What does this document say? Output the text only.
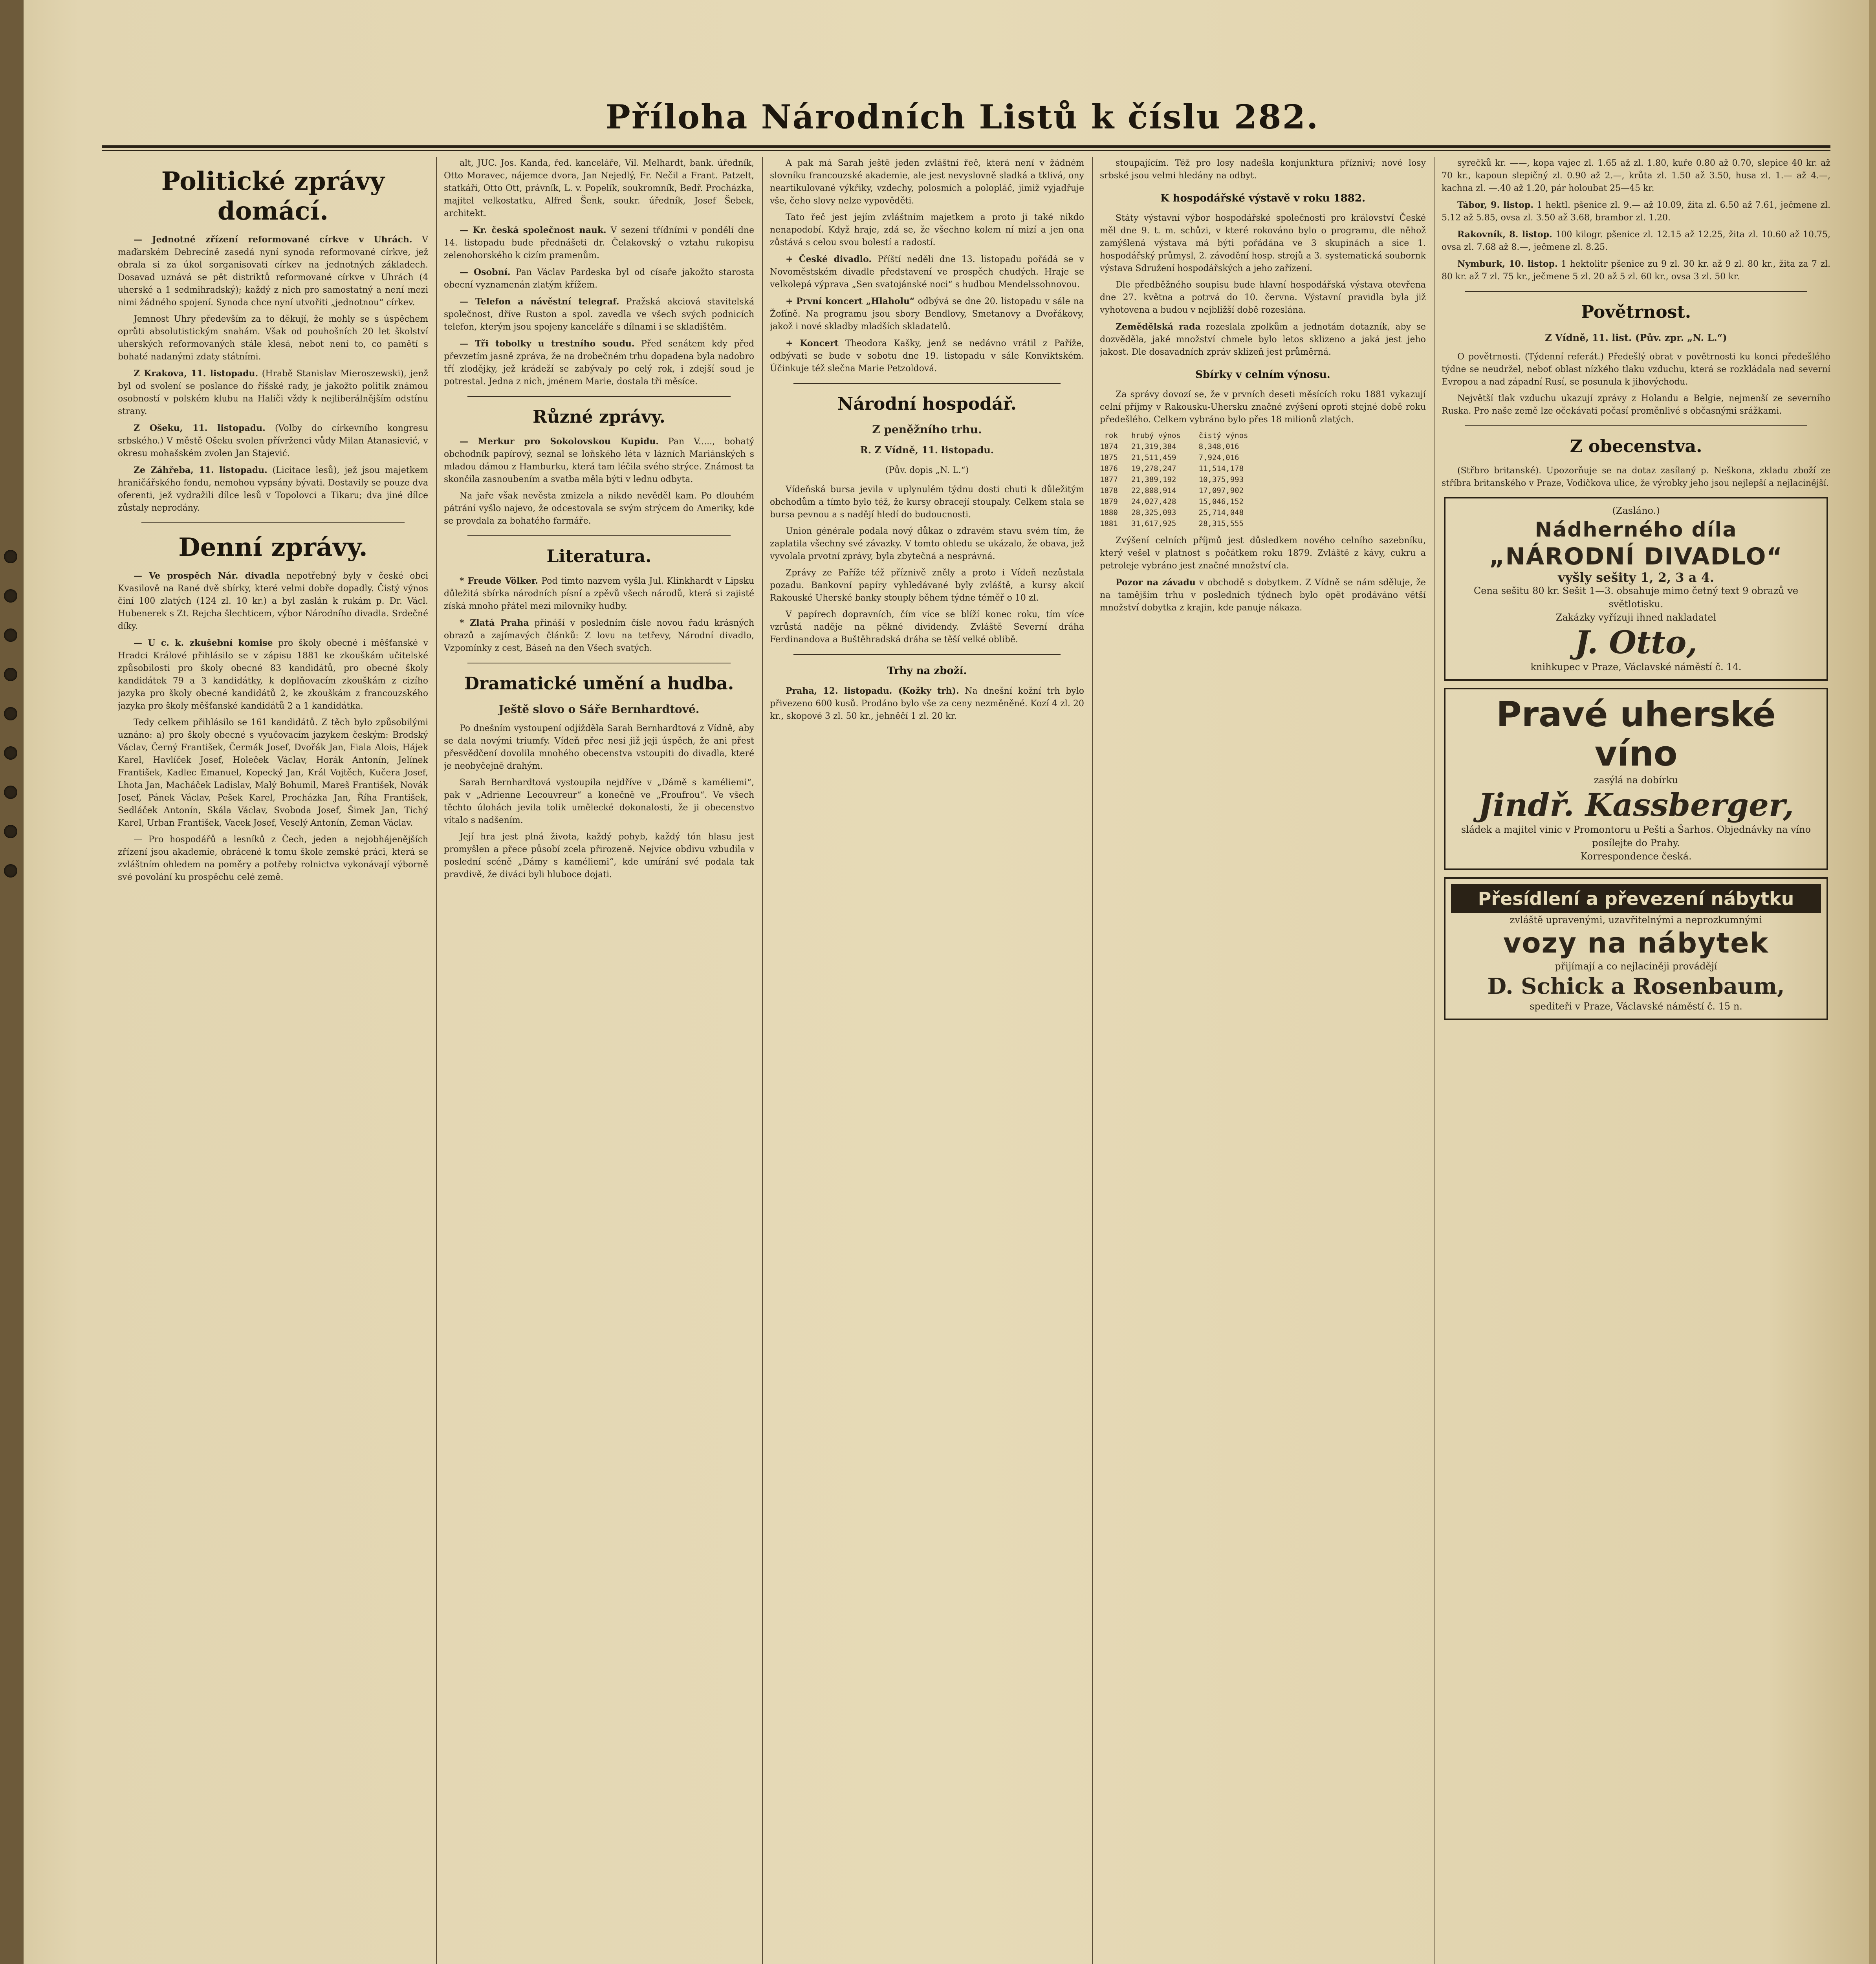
Příloha Národních Listů k číslu 282.
Politické zprávy domácí.

— Jednotné zřízení reformované církve v Uhrách. V maďarském Debrecíně zasedá nyní synoda reformované církve, jež obrala si za úkol sorganisovati církev na jednotných základech. Dosavad uznává se pět distriktů reformované církve v Uhrách (4 uherské a 1 sedmihradský); každý z nich pro samostatný a není mezi nimi žádného spojení. Synoda chce nyní utvořiti „jednotnou“ církev.

Jemnost Uhry především za to děkují, že mohly se s úspěchem oprůti absolutistickým snahám. Však od pouhošních 20 let školství uherských reformovaných stále klesá, nebot není to, co pamětí s bohaté nadanými zdaty státními.

Z Krakova, 11. listopadu. (Hrabě Stanislav Mieroszewski), jenž byl od svolení se poslance do říšské rady, je jakožto politik známou osobností v polském klubu na Haliči vždy k nejliberálnějším odstínu strany.

Z Ošeku, 11. listopadu. (Volby do církevního kongresu srbského.) V městě Ošeku svolen přívrženci vůdy Milan Atanasiević, v okresu mohašském zvolen Jan Stajević.

Ze Záhřeba, 11. listopadu. (Licitace lesů), jež jsou majetkem hraničářského fondu, nemohou vypsány bývati. Dostavily se pouze dva oferenti, jež vydražili dílce lesů v Topolovci a Tikaru; dva jiné dílce zůstaly neprodány.

Denní zprávy.

— Ve prospěch Nár. divadla nepotřebný byly v české obci Kvasilově na Rané dvě sbírky, které velmi dobře dopadly. Čistý výnos činí 100 zlatých (124 zl. 10 kr.) a byl zaslán k rukám p. Dr. Václ. Hubenerek s Zt. Rejcha šlechticem, výbor Národního divadla. Srdečné díky.

— U c. k. zkušební komise pro školy obecné i měšťanské v Hradci Králové přihlásilo se v zápisu 1881 ke zkouškám učitelské způsobilosti pro školy obecné 83 kandidátů, pro obecné školy kandidátek 79 a 3 kandidátky, k doplňovacím zkouškám z cizího jazyka pro školy obecné kandidátů 2, ke zkouškám z francouzského jazyka pro školy měšťanské kandidátů 2 a 1 kandidátka.

Tedy celkem přihlásilo se 161 kandidátů. Z těch bylo způsobilými uznáno: a) pro školy obecné s vyučovacím jazykem českým: Brodský Václav, Černý František, Čermák Josef, Dvořák Jan, Fiala Alois, Hájek Karel, Havlíček Josef, Holeček Václav, Horák Antonín, Jelínek František, Kadlec Emanuel, Kopecký Jan, Král Vojtěch, Kučera Josef, Lhota Jan, Macháček Ladislav, Malý Bohumil, Mareš František, Novák Josef, Pánek Václav, Pešek Karel, Procházka Jan, Říha František, Sedláček Antonín, Skála Václav, Svoboda Josef, Šimek Jan, Tichý Karel, Urban František, Vacek Josef, Veselý Antonín, Zeman Václav.

— Pro hospodářů a lesníků z Čech, jeden a nejobhájenějších zřízení jsou akademie, obrácené k tomu škole zemské práci, která se zvláštním ohledem na poměry a potřeby rolnictva vykonávají výborně své povolání ku prospěchu celé země.

alt, JUC. Jos. Kanda, řed. kanceláře, Vil. Melhardt, bank. úředník, Otto Moravec, nájemce dvora, Jan Nejedlý, Fr. Nečil a Frant. Patzelt, statkáři, Otto Ott, právník, L. v. Popelík, soukromník, Bedř. Procházka, majitel velkostatku, Alfred Šenk, soukr. úředník, Josef Šebek, architekt.

— Kr. česká společnost nauk. V sezení třídními v pondělí dne 14. listopadu bude přednášeti dr. Čelakovský o vztahu rukopisu zelenohorského k cizím pramenům.

— Osobní. Pan Václav Pardeska byl od císaře jakožto starosta obecní vyznamenán zlatým křížem.

— Telefon a návěstní telegraf. Pražská akciová stavitelská společnost, dříve Ruston a spol. zavedla ve všech svých podnicích telefon, kterým jsou spojeny kanceláře s dílnami i se skladištěm.

— Tři tobolky u trestního soudu. Před senátem kdy před převzetím jasně zpráva, že na drobečném trhu dopadena byla nadobro tří zlodějky, jež krádeží se zabývaly po celý rok, i zdejší soud je potrestal. Jedna z nich, jménem Marie, dostala tři měsíce.

Různé zprávy.

— Merkur pro Sokolovskou Kupidu. Pan V....., bohatý obchodník papírový, seznal se loňského léta v lázních Mariánských s mladou dámou z Hamburku, která tam léčila svého strýce. Známost ta skončila zasnoubením a svatba měla býti v lednu odbyta.

Na jaře však nevěsta zmizela a nikdo nevěděl kam. Po dlouhém pátrání vyšlo najevo, že odcestovala se svým strýcem do Ameriky, kde se provdala za bohatého farmáře.

Literatura.

* Freude Völker. Pod timto nazvem vyšla Jul. Klinkhardt v Lipsku důležitá sbírka národních písní a zpěvů všech národů, která si zajisté získá mnoho přátel mezi milovníky hudby.

* Zlatá Praha přináší v posledním čísle novou řadu krásných obrazů a zajímavých článků: Z lovu na tetřevy, Národní divadlo, Vzpomínky z cest, Báseň na den Všech svatých.

Dramatické umění a hudba.
Ještě slovo o Sáře Bernhardtové.

Po dnešním vystoupení odjížděla Sarah Bernhardtová z Vídně, aby se dala novými triumfy. Vídeň přec nesi již jeji úspěch, že ani přest přesvědčení dovolila mnohého obecenstva vstoupiti do divadla, které je neobyčejně drahým.

Sarah Bernhardtová vystoupila nejdříve v „Dámě s kaméliemi“, pak v „Adrienne Lecouvreur“ a konečně ve „Froufrou“. Ve všech těchto úlohách jevila tolik umělecké dokonalosti, že ji obecenstvo vítalo s nadšením.

Její hra jest plná života, každý pohyb, každý tón hlasu jest promyšlen a přece působí zcela přirozeně. Nejvíce obdivu vzbudila v poslední scéně „Dámy s kaméliemi“, kde umírání své podala tak pravdivě, že diváci byli hluboce dojati.

A pak má Sarah ještě jeden zvláštní řeč, která není v žádném slovníku francouzské akademie, ale jest nevyslovně sladká a tklivá, ony neartikulované výkřiky, vzdechy, polosmích a polopláč, jimiž vyjadřuje vše, čeho slovy nelze vypověděti.

Tato řeč jest jejím zvláštním majetkem a proto ji také nikdo nenapodobí. Když hraje, zdá se, že všechno kolem ní mizí a jen ona zůstává s celou svou bolestí a radostí.

+ České divadlo. Příští neděli dne 13. listopadu pořádá se v Novoměstském divadle představení ve prospěch chudých. Hraje se velkolepá výprava „Sen svatojánské noci“ s hudbou Mendelssohnovou.

+ První koncert „Hlaholu“ odbývá se dne 20. listopadu v sále na Žofíně. Na programu jsou sbory Bendlovy, Smetanovy a Dvořákovy, jakož i nové skladby mladších skladatelů.

+ Koncert Theodora Kašky, jenž se nedávno vrátil z Paříže, odbývati se bude v sobotu dne 19. listopadu v sále Konviktském. Účinkuje též slečna Marie Petzoldová.

Národní hospodář.
Z peněžního trhu.
R. Z Vídně, 11. listopadu.
(Pův. dopis „N. L.“)

Vídeňská bursa jevila v uplynulém týdnu dosti chuti k důležitým obchodům a tímto bylo též, že kursy obracejí stoupaly. Celkem stala se bursa pevnou a s nadějí hledí do budoucnosti.

Union générale podala nový důkaz o zdravém stavu svém tím, že zaplatila všechny své závazky. V tomto ohledu se ukázalo, že obava, jež vyvolala prvotní zprávy, byla zbytečná a nesprávná.

Zprávy ze Paříže též příznivě zněly a proto i Vídeň nezůstala pozadu. Bankovní papíry vyhledávané byly zvláště, a kursy akcií Rakouské Uherské banky stouply během týdne téměř o 10 zl.

V papírech dopravních, čím více se blíží konec roku, tím více vzrůstá naděje na pěkné dividendy. Zvláště Severní dráha Ferdinandova a Buštěhradská dráha se těší velké oblibě.

Trhy na zboží.

Praha, 12. listopadu. (Kožky trh). Na dnešní kožní trh bylo přivezeno 600 kusů. Prodáno bylo vše za ceny nezměněné. Kozí 4 zl. 20 kr., skopové 3 zl. 50 kr., jehněčí 1 zl. 20 kr.

stoupajícím. Též pro losy nadešla konjunktura přízniví; nové losy srbské jsou velmi hledány na odbyt.

K hospodářské výstavě v roku 1882.

Státy výstavní výbor hospodářské společnosti pro království České měl dne 9. t. m. schůzi, v které rokováno bylo o programu, dle něhož zamýšlená výstava má býti pořádána ve 3 skupinách a sice 1. hospodářský průmysl, 2. závodění hosp. strojů a 3. systematická soubornk výstava Sdružení hospodářských a jeho zařízení.

Dle předběžného soupisu bude hlavní hospodářská výstava otevřena dne 27. května a potrvá do 10. června. Výstavní pravidla byla již vyhotovena a budou v nejbližší době rozeslána.

Zemědělská rada rozeslala zpolkům a jednotám dotazník, aby se dozvěděla, jaké množství chmele bylo letos sklizeno a jaká jest jeho jakost. Dle dosavadních zpráv sklizeň jest průměrná.

Sbírky v celním výnosu.

Za správy dovozí se, že v prvních deseti měsících roku 1881 vykazují celní příjmy v Rakousku-Uhersku značné zvýšení oproti stejné době roku předešlého. Celkem vybráno bylo přes 18 milionů zlatých.

rok   hrubý výnos    čistý výnos
1874   21,319,384     8,348,016
1875   21,511,459     7,924,016
1876   19,278,247     11,514,178
1877   21,389,192     10,375,993
1878   22,808,914     17,097,902
1879   24,027,428     15,046,152
1880   28,325,093     25,714,048
1881   31,617,925     28,315,555

Zvýšení celních příjmů jest důsledkem nového celního sazebníku, který vešel v platnost s počátkem roku 1879. Zvláště z kávy, cukru a petroleje vybráno jest značné množství cla.

Pozor na závadu v obchodě s dobytkem. Z Vídně se nám sděluje, že na tamějším trhu v posledních týdnech bylo opět prodáváno větší množství dobytka z krajin, kde panuje nákaza.

syrečků kr. ——, kopa vajec zl. 1.65 až zl. 1.80, kuře 0.80 až 0.70, slepice 40 kr. až 70 kr., kapoun slepičný zl. 0.90 až 2.—, krůta zl. 1.50 až 3.50, husa zl. 1.— až 4.—, kachna zl. —.40 až 1.20, pár holoubat 25—45 kr.

Tábor, 9. listop. 1 hektl. pšenice zl. 9.— až 10.09, žita zl. 6.50 až 7.61, ječmene zl. 5.12 až 5.85, ovsa zl. 3.50 až 3.68, brambor zl. 1.20.

Rakovník, 8. listop. 100 kilogr. pšenice zl. 12.15 až 12.25, žita zl. 10.60 až 10.75, ovsa zl. 7.68 až 8.—, ječmene zl. 8.25.

Nymburk, 10. listop. 1 hektolitr pšenice zu 9 zl. 30 kr. až 9 zl. 80 kr., žita za 7 zl. 80 kr. až 7 zl. 75 kr., ječmene 5 zl. 20 až 5 zl. 60 kr., ovsa 3 zl. 50 kr.

Povětrnost.
Z Vídně, 11. list. (Pův. zpr. „N. L.“)

O povětrnosti. (Týdenní referát.) Předešlý obrat v povětrnosti ku konci předešlého týdne se neudržel, neboť oblast nízkého tlaku vzduchu, která se rozkládala nad severní Evropou a nad západní Rusí, se posunula k jihovýchodu.

Největší tlak vzduchu ukazují zprávy z Holandu a Belgie, nejmenší ze severního Ruska. Pro naše země lze očekávati počasí proměnlivé s občasnými srážkami.

Z obecenstva.

(Střbro britanské). Upozorňuje se na dotaz zasílaný p. Neškona, zkladu zboží ze stříbra britanského v Praze, Vodičkova ulice, že výrobky jeho jsou nejlepší a nejlacinější.

(Zasláno.)
Nádherného díla
„NÁRODNÍ DIVADLO“
vyšly sešity 1, 2, 3 a 4.
Cena sešitu 80 kr. Sešit 1—3. obsahuje mimo četný text 9 obrazů ve světlotisku.
Zakázky vyřízuji ihned nakladatel
J. Otto,
knihkupec v Praze, Václavské náměstí č. 14.
Pravé uherské víno
zasýlá na dobírku
Jindř. Kassberger,
sládek a majitel vinic v Promontoru u Pešti a Šarhos. Objednávky na víno posílejte do Prahy.
Korrespondence česká.
Přesídlení a převezení nábytku
zvláště upravenými, uzavřitelnými a neprozkumnými
vozy na nábytek
přijímají a co nejlaciněji provádějí
D. Schick a Rosenbaum,
spediteři v Praze, Václavské náměstí č. 15 n.
